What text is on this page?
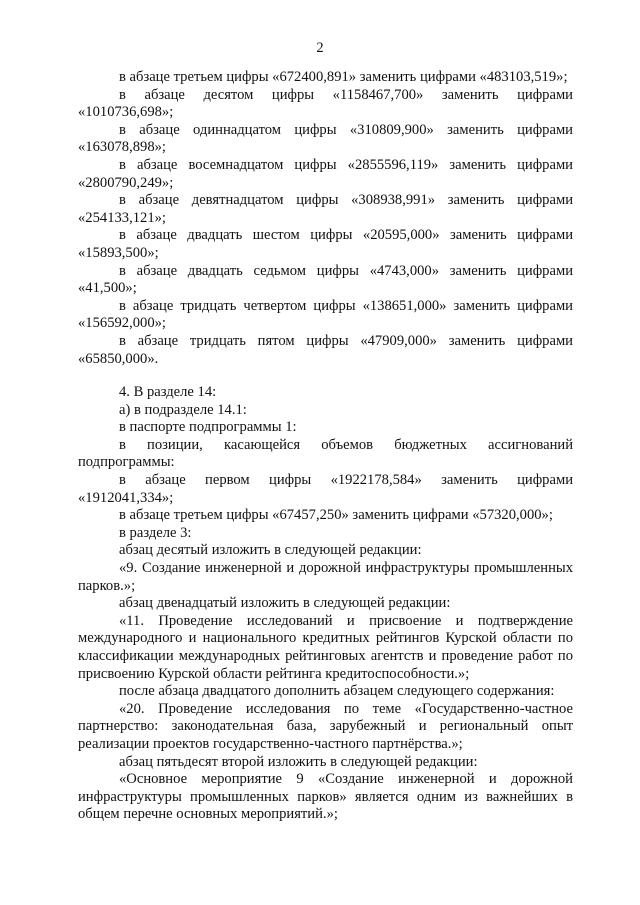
2

в абзаце третьем цифры «672400,891» заменить цифрами «483103,519»;

в абзаце десятом цифры «1158467,700» заменить цифрами «1010736,698»;

в абзаце одиннадцатом цифры «310809,900» заменить цифрами «163078,898»;

в абзаце восемнадцатом цифры «2855596,119» заменить цифрами «2800790,249»;

в абзаце девятнадцатом цифры «308938,991» заменить цифрами «254133,121»;

в абзаце двадцать шестом цифры «20595,000» заменить цифрами «15893,500»;

в абзаце двадцать седьмом цифры «4743,000» заменить цифрами «41,500»;

в абзаце тридцать четвертом цифры «138651,000» заменить цифрами «156592,000»;

в абзаце тридцать пятом цифры «47909,000» заменить цифрами «65850,000».

4. В разделе 14:

а) в подразделе 14.1:

в паспорте подпрограммы 1:

в позиции, касающейся объемов бюджетных ассигнований подпрограммы:

в абзаце первом цифры «1922178,584» заменить цифрами «1912041,334»;

в абзаце третьем цифры «67457,250» заменить цифрами «57320,000»;

в разделе 3:

абзац десятый изложить в следующей редакции:

«9. Создание инженерной и дорожной инфраструктуры промышленных парков.»;

абзац двенадцатый изложить в следующей редакции:

«11. Проведение исследований и присвоение и подтверждение международного и национального кредитных рейтингов Курской области по классификации международных рейтинговых агентств и проведение работ по присвоению Курской области рейтинга кредитоспособности.»;

после абзаца двадцатого дополнить абзацем следующего содержания:

«20. Проведение исследования по теме «Государственно-частное партнерство: законодательная база, зарубежный и региональный опыт реализации проектов государственно-частного партнёрства.»;

абзац пятьдесят второй изложить в следующей редакции:

«Основное мероприятие 9 «Создание инженерной и дорожной инфраструктуры промышленных парков» является одним из важнейших в общем перечне основных мероприятий.»;
